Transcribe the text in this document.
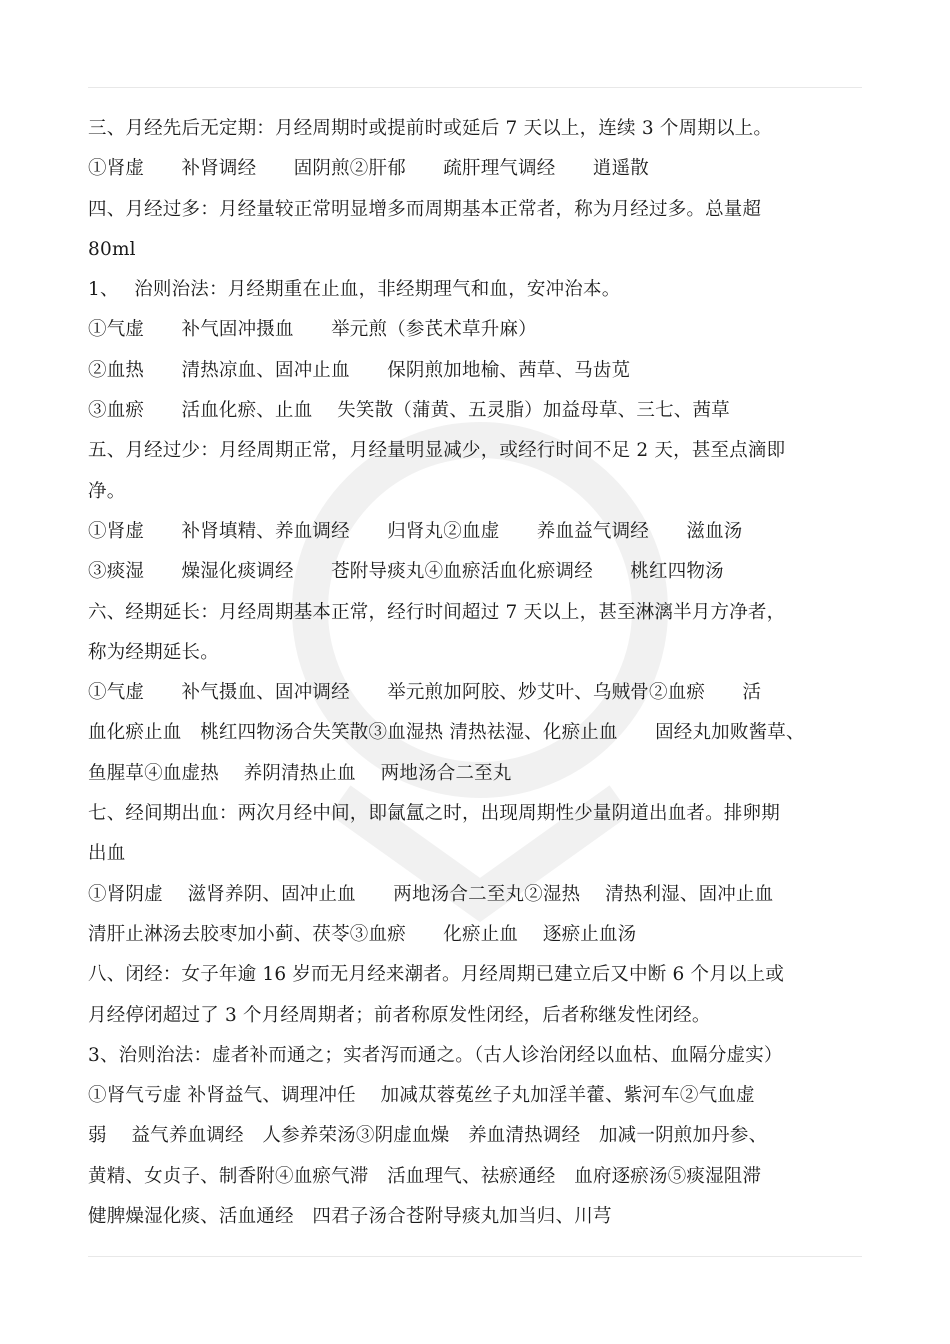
三、月经先后无定期：月经周期时或提前时或延后 7 天以上，连续 3 个周期以上。
①肾虚　　补肾调经　　固阴煎②肝郁　　疏肝理气调经　　逍遥散
四、月经过多：月经量较正常明显增多而周期基本正常者，称为月经过多。总量超
80ml
1、　 治则治法：月经期重在止血，非经期理气和血，安冲治本。
①气虚　　补气固冲摄血　　举元煎（参芪术草升麻）
②血热　　清热凉血、固冲止血　　保阴煎加地榆、茜草、马齿苋
③血瘀　　活血化瘀、止血　 失笑散（蒲黄、五灵脂）加益母草、三七、茜草
五、月经过少：月经周期正常，月经量明显减少，或经行时间不足 2 天，甚至点滴即
净。
①肾虚　　补肾填精、养血调经　　归肾丸②血虚　　养血益气调经　　滋血汤
③痰湿　　燥湿化痰调经　　苍附导痰丸④血瘀活血化瘀调经　　桃红四物汤
六、经期延长：月经周期基本正常，经行时间超过 7 天以上，甚至淋漓半月方净者，
称为经期延长。
①气虚　　补气摄血、固冲调经　　举元煎加阿胶、炒艾叶、乌贼骨②血瘀　　活
血化瘀止血　桃红四物汤合失笑散③血湿热 清热祛湿、化瘀止血　　固经丸加败酱草、
鱼腥草④血虚热　 养阴清热止血　 两地汤合二至丸
七、经间期出血：两次月经中间，即氤氲之时，出现周期性少量阴道出血者。排卵期
出血
①肾阴虚　 滋肾养阴、固冲止血　　两地汤合二至丸②湿热　 清热利湿、固冲止血
清肝止淋汤去胶枣加小蓟、茯苓③血瘀　　化瘀止血　 逐瘀止血汤
八、闭经：女子年逾 16 岁而无月经来潮者。月经周期已建立后又中断 6 个月以上或
月经停闭超过了 3 个月经周期者；前者称原发性闭经，后者称继发性闭经。
3、治则治法：虚者补而通之；实者泻而通之。（古人诊治闭经以血枯、血隔分虚实）
①肾气亏虚 补肾益气、调理冲任　 加减苁蓉菟丝子丸加淫羊藿、紫河车②气血虚
弱　 益气养血调经　人参养荣汤③阴虚血燥　养血清热调经　加减一阴煎加丹参、
黄精、女贞子、制香附④血瘀气滞　活血理气、祛瘀通经　血府逐瘀汤⑤痰湿阻滞
健脾燥湿化痰、活血通经　四君子汤合苍附导痰丸加当归、川芎
